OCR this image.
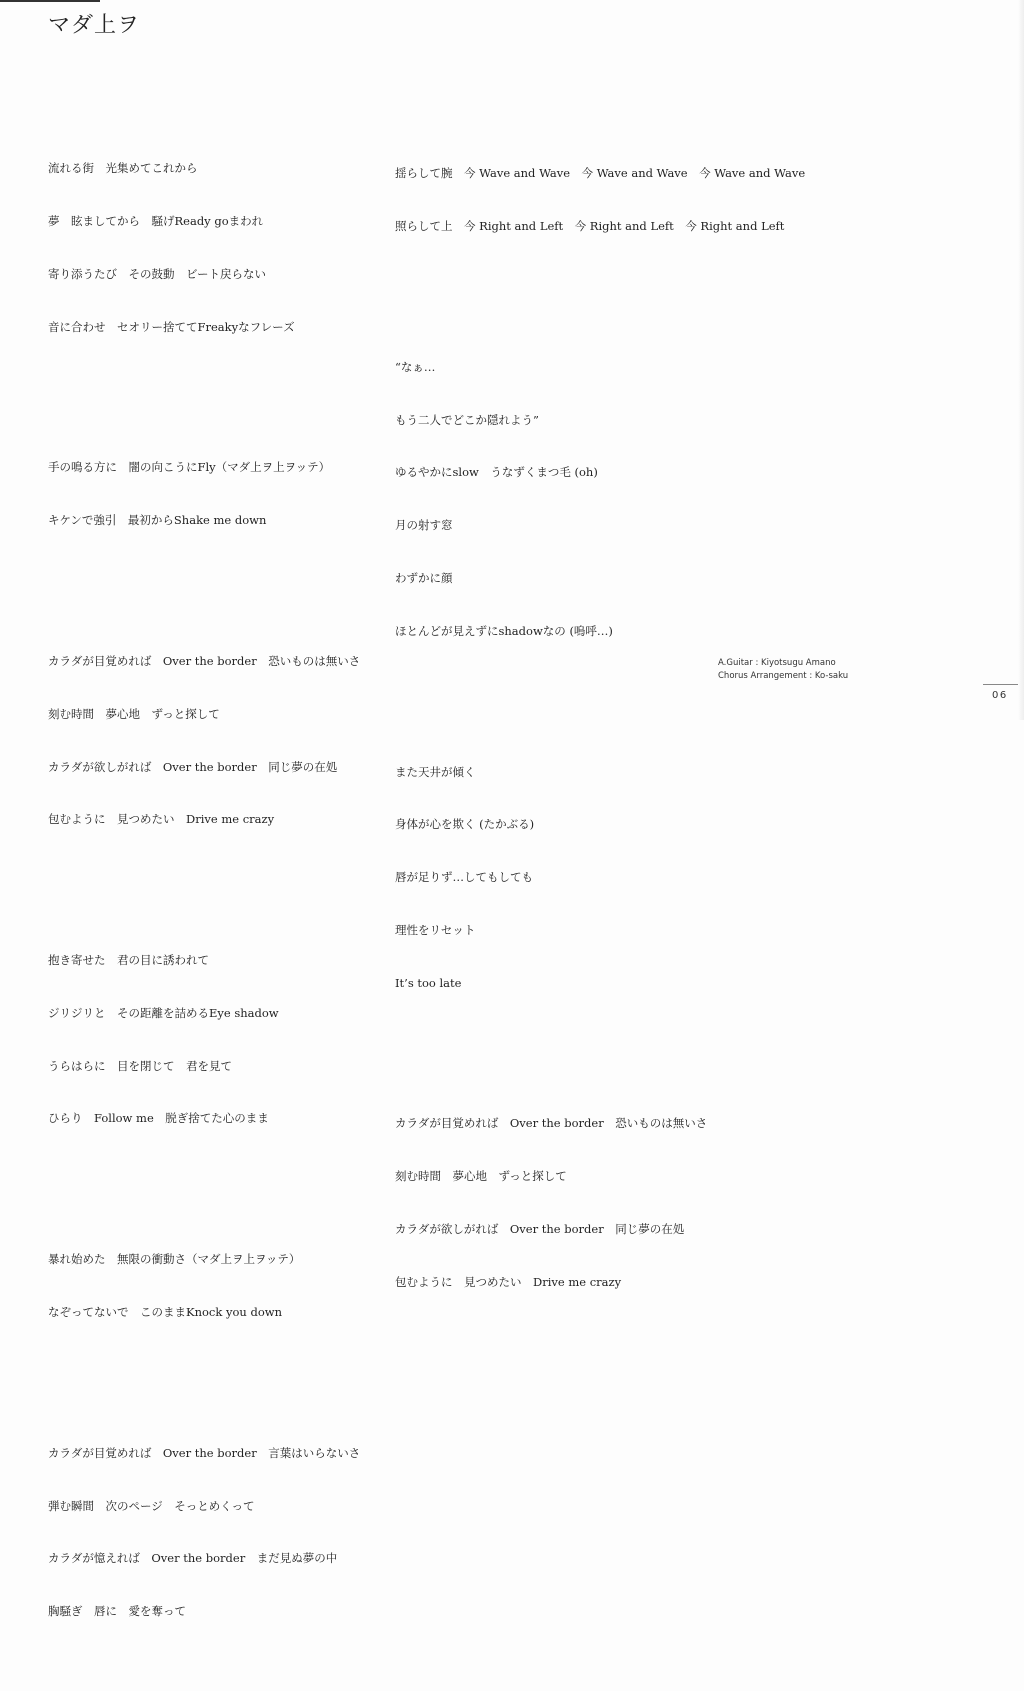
マダ上ヲ

流れる街　光集めてこれから

夢　眩ましてから　騒げReady goまわれ

寄り添うたび　その鼓動　ビート戻らない

音に合わせ　セオリー捨ててFreakyなフレーズ

手の鳴る方に　闇の向こうにFly（マダ上ヲ上ヲッテ）

キケンで強引　最初からShake me down

カラダが目覚めれば　Over the border　恐いものは無いさ

刻む時間　夢心地　ずっと探して

カラダが欲しがれば　Over the border　同じ夢の在処

包むように　見つめたい　Drive me crazy

抱き寄せた　君の目に誘われて

ジリジリと　その距離を詰めるEye shadow

うらはらに　目を閉じて　君を見て

ひらり　Follow me　脱ぎ捨てた心のまま

暴れ始めた　無限の衝動さ（マダ上ヲ上ヲッテ）

なぞってないで　このままKnock you down

カラダが目覚めれば　Over the border　言葉はいらないさ

弾む瞬間　次のページ　そっとめくって

カラダが憶えれば　Over the border　まだ見ぬ夢の中

胸騒ぎ　唇に　愛を奪って

揺らして腕　今 Wave and Wave　今 Wave and Wave　今 Wave and Wave

照らして上　今 Right and Left　今 Right and Left　今 Right and Left

“なぁ…

もう二人でどこか隠れよう”

ゆるやかにslow　うなずくまつ毛 (oh)

月の射す窓

わずかに顔

ほとんどが見えずにshadowなの (嗚呼…)

また天井が傾く

身体が心を欺く (たかぶる)

唇が足りず…してもしても

理性をリセット

It’s too late

カラダが目覚めれば　Over the border　恐いものは無いさ

刻む時間　夢心地　ずっと探して

カラダが欲しがれば　Over the border　同じ夢の在処

包むように　見つめたい　Drive me crazy

A.Guitar : Kiyotsugu Amano
Chorus Arrangement : Ko-saku
06
